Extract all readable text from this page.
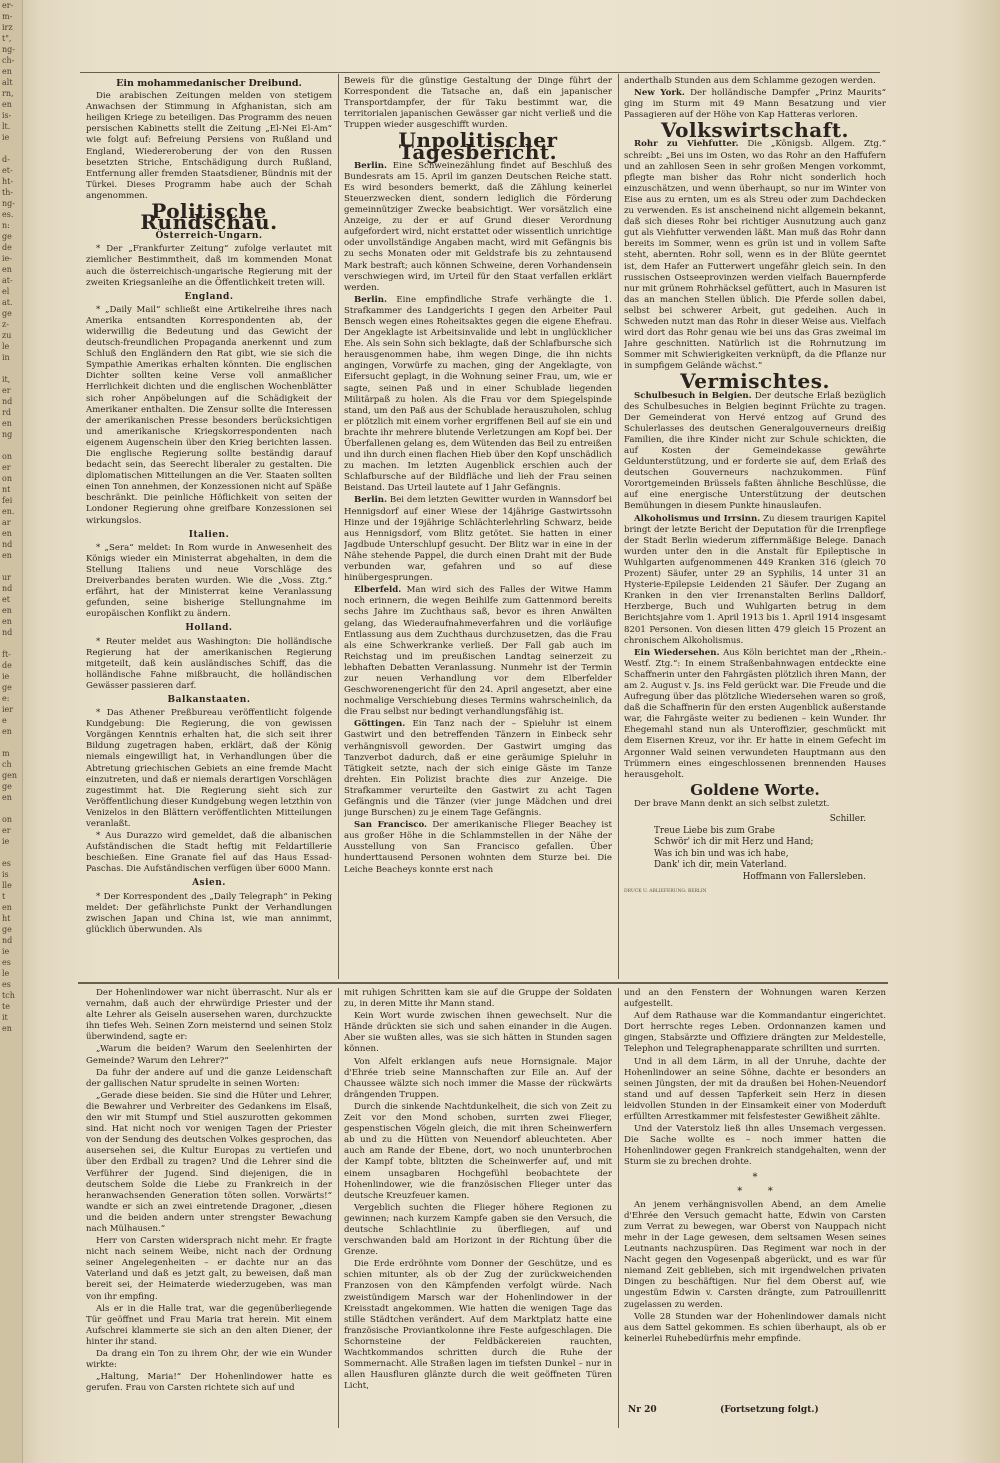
er-
m-
irz
t",
ng-
ch-
en
alt
rn,
en
is-
lt.
ie

d-
et-
ht-
th-
ng-
es.
n:
ge
de
ie-
en
at-
el
at.
ge
z-
zu
le
in

it,
er
nd
rd
en
ng

on
er
on
nt
fei
en.
ar
en
nd
en

ur
nd
et
en
en
nd

ft-
de
ie
ge
e:
ier
e
en

m
ch
gen
ge
en

on
er
ie

es
is
lle
t
en
ht
ge
nd
ie
es
le
es
tch
te
it
en
Ein mohammedanischer Dreibund.

Die arabischen Zeitungen melden von stetigem Anwachsen der Stimmung in Afghanistan, sich am heiligen Kriege zu beteiligen. Das Programm des neuen persischen Kabinetts stellt die Zeitung „El-Nei El-Am“ wie folgt auf: Befreiung Persiens von Rußland und England, Wiedereroberung der von den Russen besetzten Striche, Entschädigung durch Rußland, Entfernung aller fremden Staatsdiener, Bündnis mit der Türkei. Dieses Programm habe auch der Schah angenommen.

Politische Rundschau.
Österreich-Ungarn.

* Der „Frankfurter Zeitung“ zufolge verlautet mit ziemlicher Bestimmtheit, daß im kommenden Monat auch die österreichisch-ungarische Regierung mit der zweiten Kriegsanleihe an die Öffentlichkeit treten will.

England.

* „Daily Mail“ schließt eine Artikelreihe ihres nach Amerika entsandten Korrespondenten ab, der widerwillig die Bedeutung und das Gewicht der deutsch-freundlichen Propaganda anerkennt und zum Schluß den Engländern den Rat gibt, wie sie sich die Sympathie Amerikas erhalten könnten. Die englischen Dichter sollten keine Verse voll anmaßlicher Herrlichkeit dichten und die englischen Wochenblätter sich roher Anpöbelungen auf die Schädigkeit der Amerikaner enthalten. Die Zensur sollte die Interessen der amerikanischen Presse besonders berücksichtigen und amerikanische Kriegskorrespondenten nach eigenem Augenschein über den Krieg berichten lassen. Die englische Regierung sollte beständig darauf bedacht sein, das Seerecht liberaler zu gestalten. Die diplomatischen Mitteilungen an die Ver. Staaten sollten einen Ton annehmen, der Konzessionen nicht auf Späße beschränkt. Die peinliche Höflichkeit von seiten der Londoner Regierung ohne greifbare Konzessionen sei wirkungslos.

Italien.

* „Sera“ meldet: In Rom wurde in Anwesenheit des Königs wieder ein Ministerrat abgehalten, in dem die Stellung Italiens und neue Vorschläge des Dreiverbandes beraten wurden. Wie die „Voss. Ztg.“ erfährt, hat der Ministerrat keine Veranlassung gefunden, seine bisherige Stellungnahme im europäischen Konflikt zu ändern.

Holland.

* Reuter meldet aus Washington: Die holländische Regierung hat der amerikanischen Regierung mitgeteilt, daß kein ausländisches Schiff, das die holländische Fahne mißbraucht, die holländischen Gewässer passieren darf.

Balkanstaaten.

* Das Athener Preßbureau veröffentlicht folgende Kundgebung: Die Regierung, die von gewissen Vorgängen Kenntnis erhalten hat, die sich seit ihrer Bildung zugetragen haben, erklärt, daß der König niemals eingewilligt hat, in Verhandlungen über die Abtretung griechischen Gebiets an eine fremde Macht einzutreten, und daß er niemals derartigen Vorschlägen zugestimmt hat. Die Regierung sieht sich zur Veröffentlichung dieser Kundgebung wegen letzthin von Venizelos in den Blättern veröffentlichten Mitteilungen veranlaßt.

* Aus Durazzo wird gemeldet, daß die albanischen Aufständischen die Stadt heftig mit Feldartillerie beschießen. Eine Granate fiel auf das Haus Essad-Paschas. Die Aufständischen verfügen über 6000 Mann.

Asien.

* Der Korrespondent des „Daily Telegraph“ in Peking meldet: Der gefährlichste Punkt der Verhandlungen zwischen Japan und China ist, wie man annimmt, glücklich überwunden. Als

Beweis für die günstige Gestaltung der Dinge führt der Korrespondent die Tatsache an, daß ein japanischer Transportdampfer, der für Taku bestimmt war, die territorialen japanischen Gewässer gar nicht verließ und die Truppen wieder ausgeschifft wurden.

Unpolitischer Tagesbericht.

Berlin. Eine Schweinezählung findet auf Beschluß des Bundesrats am 15. April im ganzen Deutschen Reiche statt. Es wird besonders bemerkt, daß die Zählung keinerlei Steuerzwecken dient, sondern lediglich die Förderung gemeinnütziger Zwecke beabsichtigt. Wer vorsätzlich eine Anzeige, zu der er auf Grund dieser Verordnung aufgefordert wird, nicht erstattet oder wissentlich unrichtige oder unvollständige Angaben macht, wird mit Gefängnis bis zu sechs Monaten oder mit Geldstrafe bis zu zehntausend Mark bestraft; auch können Schweine, deren Vorhandensein verschwiegen wird, im Urteil für den Staat verfallen erklärt werden.

Berlin. Eine empfindliche Strafe verhängte die 1. Strafkammer des Landgerichts I gegen den Arbeiter Paul Bensch wegen eines Roheitsaktes gegen die eigene Ehefrau. Der Angeklagte ist Arbeitsinvalide und lebt in unglücklicher Ehe. Als sein Sohn sich beklagte, daß der Schlafbursche sich herausgenommen habe, ihm wegen Dinge, die ihn nichts angingen, Vorwürfe zu machen, ging der Angeklagte, von Eifersucht geplagt, in die Wohnung seiner Frau, um, wie er sagte, seinen Paß und in einer Schublade liegenden Militärpaß zu holen. Als die Frau vor dem Spiegelspinde stand, um den Paß aus der Schublade herauszuholen, schlug er plötzlich mit einem vorher ergriffenen Beil auf sie ein und brachte ihr mehrere blutende Verletzungen am Kopf bei. Der Überfallenen gelang es, dem Wütenden das Beil zu entreißen und ihn durch einen flachen Hieb über den Kopf unschädlich zu machen. Im letzten Augenblick erschien auch der Schlafbursche auf der Bildfläche und lieh der Frau seinen Beistand. Das Urteil lautete auf 1 Jahr Gefängnis.

Berlin. Bei dem letzten Gewitter wurden in Wannsdorf bei Hennigsdorf auf einer Wiese der 14jährige Gastwirtssohn Hinze und der 19jährige Schlächterlehrling Schwarz, beide aus Hennigsdorf, vom Blitz getötet. Sie hatten in einer Jagdbude Unterschlupf gesucht. Der Blitz war in eine in der Nähe stehende Pappel, die durch einen Draht mit der Bude verbunden war, gefahren und so auf diese hinübergesprungen.

Elberfeld. Man wird sich des Falles der Witwe Hamm noch erinnern, die wegen Beihilfe zum Gattenmord bereits sechs Jahre im Zuchthaus saß, bevor es ihren Anwälten gelang, das Wiederaufnahmeverfahren und die vorläufige Entlassung aus dem Zuchthaus durchzusetzen, das die Frau als eine Schwerkranke verließ. Der Fall gab auch im Reichstag und im preußischen Landtag seinerzeit zu lebhaften Debatten Veranlassung. Nunmehr ist der Termin zur neuen Verhandlung vor dem Elberfelder Geschworenengericht für den 24. April angesetzt, aber eine nochmalige Verschiebung dieses Termins wahrscheinlich, da die Frau selbst nur bedingt verhandlungsfähig ist.

Göttingen. Ein Tanz nach der – Spieluhr ist einem Gastwirt und den betreffenden Tänzern in Einbeck sehr verhängnisvoll geworden. Der Gastwirt umging das Tanzverbot dadurch, daß er eine geräumige Spieluhr in Tätigkeit setzte, nach der sich einige Gäste im Tanze drehten. Ein Polizist brachte dies zur Anzeige. Die Strafkammer verurteilte den Gastwirt zu acht Tagen Gefängnis und die Tänzer (vier junge Mädchen und drei junge Burschen) zu je einem Tage Gefängnis.

San Francisco. Der amerikanische Flieger Beachey ist aus großer Höhe in die Schlammstellen in der Nähe der Ausstellung von San Francisco gefallen. Über hunderttausend Personen wohnten dem Sturze bei. Die Leiche Beacheys konnte erst nach

anderthalb Stunden aus dem Schlamme gezogen werden.

New York. Der holländische Dampfer „Prinz Maurits“ ging im Sturm mit 49 Mann Besatzung und vier Passagieren auf der Höhe von Kap Hatteras verloren.

Volkswirtschaft.

Rohr zu Viehfutter. Die „Königsb. Allgem. Ztg.“ schreibt: „Bei uns im Osten, wo das Rohr an den Haffufern und an zahllosen Seen in sehr großen Mengen vorkommt, pflegte man bisher das Rohr nicht sonderlich hoch einzuschätzen, und wenn überhaupt, so nur im Winter von Eise aus zu ernten, um es als Streu oder zum Dachdecken zu verwenden. Es ist anscheinend nicht allgemein bekannt, daß sich dieses Rohr bei richtiger Ausnutzung auch ganz gut als Viehfutter verwenden läßt. Man muß das Rohr dann bereits im Sommer, wenn es grün ist und in vollem Safte steht, abernten. Rohr soll, wenn es in der Blüte geerntet ist, dem Hafer an Futterwert ungefähr gleich sein. In den russischen Ostseeprovinzen werden vielfach Bauernpferde nur mit grünem Rohrhäcksel gefüttert, auch in Masuren ist das an manchen Stellen üblich. Die Pferde sollen dabei, selbst bei schwerer Arbeit, gut gedeihen. Auch in Schweden nutzt man das Rohr in dieser Weise aus. Vielfach wird dort das Rohr genau wie bei uns das Gras zweimal im Jahre geschnitten. Natürlich ist die Rohrnutzung im Sommer mit Schwierigkeiten verknüpft, da die Pflanze nur in sumpfigem Gelände wächst.“

Vermischtes.

Schulbesuch in Belgien. Der deutsche Erlaß bezüglich des Schulbesuches in Belgien beginnt Früchte zu tragen. Der Gemeinderat von Hervé entzog auf Grund des Schulerlasses des deutschen Generalgouverneurs dreißig Familien, die ihre Kinder nicht zur Schule schickten, die auf Kosten der Gemeindekasse gewährte Geldunterstützung, und er forderte sie auf, dem Erlaß des deutschen Gouverneurs nachzukommen. Fünf Vorortgemeinden Brüssels faßten ähnliche Beschlüsse, die auf eine energische Unterstützung der deutschen Bemühungen in diesem Punkte hinauslaufen.

Alkoholismus und Irrsinn. Zu diesem traurigen Kapitel bringt der letzte Bericht der Deputation für die Irrenpflege der Stadt Berlin wiederum ziffernmäßige Belege. Danach wurden unter den in die Anstalt für Epileptische in Wuhlgarten aufgenommenen 449 Kranken 316 (gleich 70 Prozent) Säufer, unter 29 an Syphilis, 14 unter 31 an Hysterie-Epilepsie Leidenden 21 Säufer. Der Zugang an Kranken in den vier Irrenanstalten Berlins Dalldorf, Herzberge, Buch und Wuhlgarten betrug in dem Berichtsjahre vom 1. April 1913 bis 1. April 1914 insgesamt 8201 Personen. Von diesen litten 479 gleich 15 Prozent an chronischem Alkoholismus.

Ein Wiedersehen. Aus Köln berichtet man der „Rhein.-Westf. Ztg.“: In einem Straßenbahnwagen entdeckte eine Schaffnerin unter den Fahrgästen plötzlich ihren Mann, der am 2. August v. Js. ins Feld gerückt war. Die Freude und die Aufregung über das plötzliche Wiedersehen waren so groß, daß die Schaffnerin für den ersten Augenblick außerstande war, die Fahrgäste weiter zu bedienen – kein Wunder. Ihr Ehegemahl stand nun als Unteroffizier, geschmückt mit dem Eisernen Kreuz, vor ihr. Er hatte in einem Gefecht im Argonner Wald seinen verwundeten Hauptmann aus den Trümmern eines eingeschlossenen brennenden Hauses herausgeholt.

Goldene Worte.

Der brave Mann denkt an sich selbst zuletzt.

Schiller.
Treue Liebe bis zum Grabe
Schwör' ich dir mit Herz und Hand;
Was ich bin und was ich habe,
Dank' ich dir, mein Vaterland.
Hoffmann von Fallersleben.
DRUCK U. ABLIEFERUNG: BERLIN

Der Hohenlindower war nicht überrascht. Nur als er vernahm, daß auch der ehrwürdige Priester und der alte Lehrer als Geiseln ausersehen waren, durchzuckte ihn tiefes Weh. Seinen Zorn meisternd und seinen Stolz überwindend, sagte er:

„Warum die beiden? Warum den Seelenhirten der Gemeinde? Warum den Lehrer?“

Da fuhr der andere auf und die ganze Leidenschaft der gallischen Natur sprudelte in seinen Worten:

„Gerade diese beiden. Sie sind die Hüter und Lehrer, die Bewahrer und Verbreiter des Gedankens im Elsaß, den wir mit Stumpf und Stiel auszurotten gekommen sind. Hat nicht noch vor wenigen Tagen der Priester von der Sendung des deutschen Volkes gesprochen, das ausersehen sei, die Kultur Europas zu vertiefen und über den Erdball zu tragen? Und die Lehrer sind die Verführer der Jugend. Sind diejenigen, die in deutschem Solde die Liebe zu Frankreich in der heranwachsenden Generation töten sollen. Vorwärts!“ wandte er sich an zwei eintretende Dragoner, „diesen und die beiden andern unter strengster Bewachung nach Mülhausen.“

Herr von Carsten widersprach nicht mehr. Er fragte nicht nach seinem Weibe, nicht nach der Ordnung seiner Angelegenheiten – er dachte nur an das Vaterland und daß es jetzt galt, zu beweisen, daß man bereit sei, der Heimaterde wiederzugeben, was man von ihr empfing.

Als er in die Halle trat, war die gegenüberliegende Tür geöffnet und Frau Maria trat herein. Mit einem Aufschrei klammerte sie sich an den alten Diener, der hinter ihr stand.

Da drang ein Ton zu ihrem Ohr, der wie ein Wunder wirkte:

„Haltung, Maria!“ Der Hohenlindower hatte es gerufen. Frau von Carsten richtete sich auf und

mit ruhigen Schritten kam sie auf die Gruppe der Soldaten zu, in deren Mitte ihr Mann stand.

Kein Wort wurde zwischen ihnen gewechselt. Nur die Hände drückten sie sich und sahen einander in die Augen. Aber sie wußten alles, was sie sich hätten in Stunden sagen können.

Von Alfelt erklangen aufs neue Hornsignale. Major d'Ehrée trieb seine Mannschaften zur Eile an. Auf der Chaussee wälzte sich noch immer die Masse der rückwärts drängenden Truppen.

Durch die sinkende Nachtdunkelheit, die sich von Zeit zu Zeit vor den Mond schoben, surrten zwei Flieger, gespenstischen Vögeln gleich, die mit ihren Scheinwerfern ab und zu die Hütten von Neuendorf ableuchteten. Aber auch am Rande der Ebene, dort, wo noch ununterbrochen der Kampf tobte, blitzten die Scheinwerfer auf, und mit einem unsagbaren Hochgefühl beobachtete der Hohenlindower, wie die französischen Flieger unter das deutsche Kreuzfeuer kamen.

Vergeblich suchten die Flieger höhere Regionen zu gewinnen; nach kurzem Kampfe gaben sie den Versuch, die deutsche Schlachtlinie zu überfliegen, auf und verschwanden bald am Horizont in der Richtung über die Grenze.

Die Erde erdröhnte vom Donner der Geschütze, und es schien mitunter, als ob der Zug der zurückweichenden Franzosen von den Kämpfenden verfolgt würde. Nach zweistündigem Marsch war der Hohenlindower in der Kreisstadt angekommen. Wie hatten die wenigen Tage das stille Städtchen verändert. Auf dem Marktplatz hatte eine französische Proviantkolonne ihre Feste aufgeschlagen. Die Schornsteine der Feldbäckereien rauchten, Wachtkommandos schritten durch die Ruhe der Sommernacht. Alle Straßen lagen im tiefsten Dunkel – nur in allen Hausfluren glänzte durch die weit geöffneten Türen Licht,

und an den Fenstern der Wohnungen waren Kerzen aufgestellt.

Auf dem Rathause war die Kommandantur eingerichtet. Dort herrschte reges Leben. Ordonnanzen kamen und gingen, Stabsärzte und Offiziere drängten zur Meldestelle, Telephon und Telegraphenapparate schrillten und surrten.

Und in all dem Lärm, in all der Unruhe, dachte der Hohenlindower an seine Söhne, dachte er besonders an seinen Jüngsten, der mit da draußen bei Hohen-Neuendorf stand und auf dessen Tapferkeit sein Herz in diesen leidvollen Stunden in der Einsamkeit einer von Moderduft erfüllten Arrestkammer mit felsfestester Gewißheit zählte.

Und der Vaterstolz ließ ihn alles Unsemach vergessen. Die Sache wollte es – noch immer hatten die Hohenlindower gegen Frankreich standgehalten, wenn der Sturm sie zu brechen drohte.

*
*        *

An jenem verhängnisvollen Abend, an dem Amelie d'Ehrée den Versuch gemacht hatte, Edwin von Carsten zum Verrat zu bewegen, war Oberst von Nauppach nicht mehr in der Lage gewesen, dem seltsamen Wesen seines Leutnants nachzuspüren. Das Regiment war noch in der Nacht gegen den Vogesenpaß abgerückt, und es war für niemand Zeit geblieben, sich mit irgendwelchen privaten Dingen zu beschäftigen. Nur fiel dem Oberst auf, wie ungestüm Edwin v. Carsten drängte, zum Patrouillenritt zugelassen zu werden.

Volle 28 Stunden war der Hohenlindower damals nicht aus dem Sattel gekommen. Es schien überhaupt, als ob er keinerlei Ruhebedürfnis mehr empfinde.

Nr 20	(Fortsetzung folgt.)
